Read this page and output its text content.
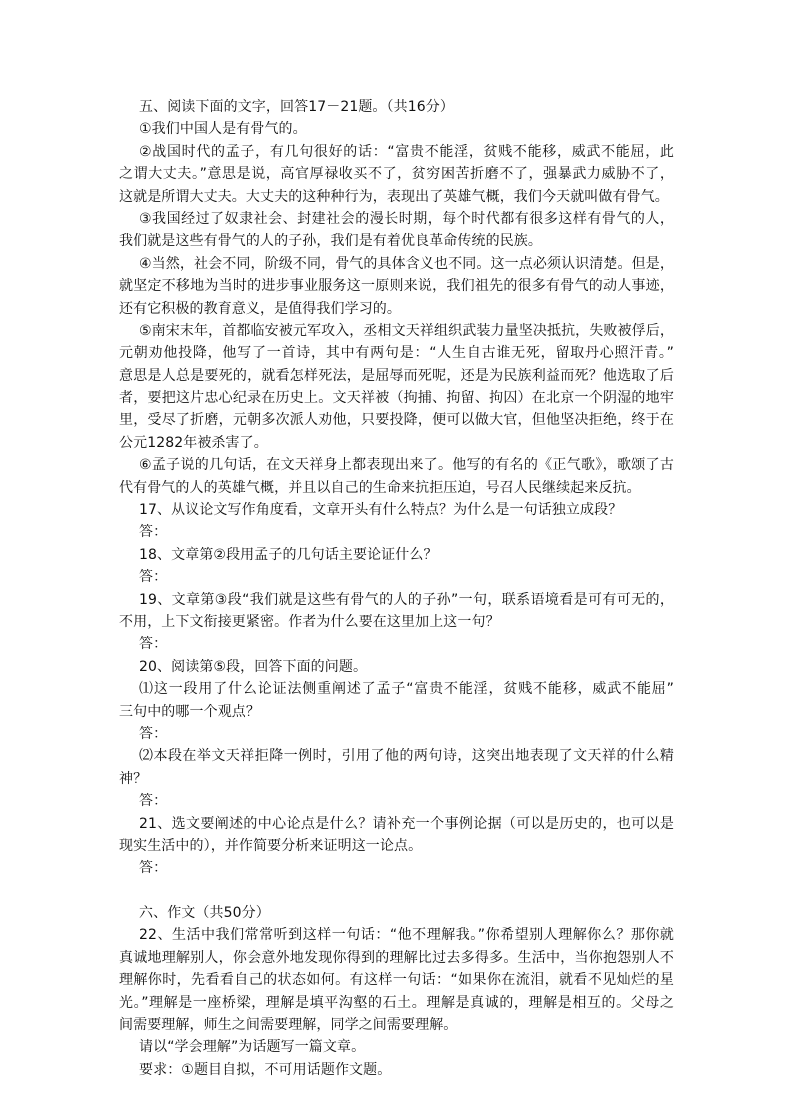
五、阅读下面的文字，回答17－21题。（共16分）
①我们中国人是有骨气的。
②战国时代的孟子，有几句很好的话：“富贵不能淫，贫贱不能移，威武不能屈，此
之谓大丈夫。”意思是说，高官厚禄收买不了，贫穷困苦折磨不了，强暴武力威胁不了，
这就是所谓大丈夫。大丈夫的这种种行为，表现出了英雄气概，我们今天就叫做有骨气。
③我国经过了奴隶社会、封建社会的漫长时期，每个时代都有很多这样有骨气的人，
我们就是这些有骨气的人的子孙，我们是有着优良革命传统的民族。
④当然，社会不同，阶级不同，骨气的具体含义也不同。这一点必须认识清楚。但是，
就坚定不移地为当时的进步事业服务这一原则来说，我们祖先的很多有骨气的动人事迹，
还有它积极的教育意义，是值得我们学习的。
⑤南宋末年，首都临安被元军攻入，丞相文天祥组织武装力量坚决抵抗，失败被俘后，
元朝劝他投降，他写了一首诗，其中有两句是：“人生自古谁无死，留取丹心照汗青。”
意思是人总是要死的，就看怎样死法，是屈辱而死呢，还是为民族利益而死？他选取了后
者，要把这片忠心纪录在历史上。文天祥被（拘捕、拘留、拘囚）在北京一个阴湿的地牢
里，受尽了折磨，元朝多次派人劝他，只要投降，便可以做大官，但他坚决拒绝，终于在
公元1282年被杀害了。
⑥孟子说的几句话，在文天祥身上都表现出来了。他写的有名的《正气歌》，歌颂了古
代有骨气的人的英雄气概，并且以自己的生命来抗拒压迫，号召人民继续起来反抗。
17、从议论文写作角度看，文章开头有什么特点？为什么是一句话独立成段？
答：
18、文章第②段用孟子的几句话主要论证什么？
答：
19、文章第③段“我们就是这些有骨气的人的子孙”一句，联系语境看是可有可无的，
不用，上下文衔接更紧密。作者为什么要在这里加上这一句？
答：
20、阅读第⑤段，回答下面的问题。
⑴这一段用了什么论证法侧重阐述了孟子“富贵不能淫，贫贱不能移，威武不能屈”
三句中的哪一个观点？
答：
⑵本段在举文天祥拒降一例时，引用了他的两句诗，这突出地表现了文天祥的什么精
神？
答：
21、选文要阐述的中心论点是什么？请补充一个事例论据（可以是历史的，也可以是
现实生活中的），并作简要分析来证明这一论点。
答：
六、作文（共50分）
22、生活中我们常常听到这样一句话：“他不理解我。”你希望别人理解你么？那你就
真诚地理解别人，你会意外地发现你得到的理解比过去多得多。生活中，当你抱怨别人不
理解你时，先看看自己的状态如何。有这样一句话：“如果你在流泪，就看不见灿烂的星
光。”理解是一座桥梁，理解是填平沟壑的石土。理解是真诚的，理解是相互的。父母之
间需要理解，师生之间需要理解，同学之间需要理解。
请以“学会理解”为话题写一篇文章。
要求：①题目自拟，不可用话题作文题。
